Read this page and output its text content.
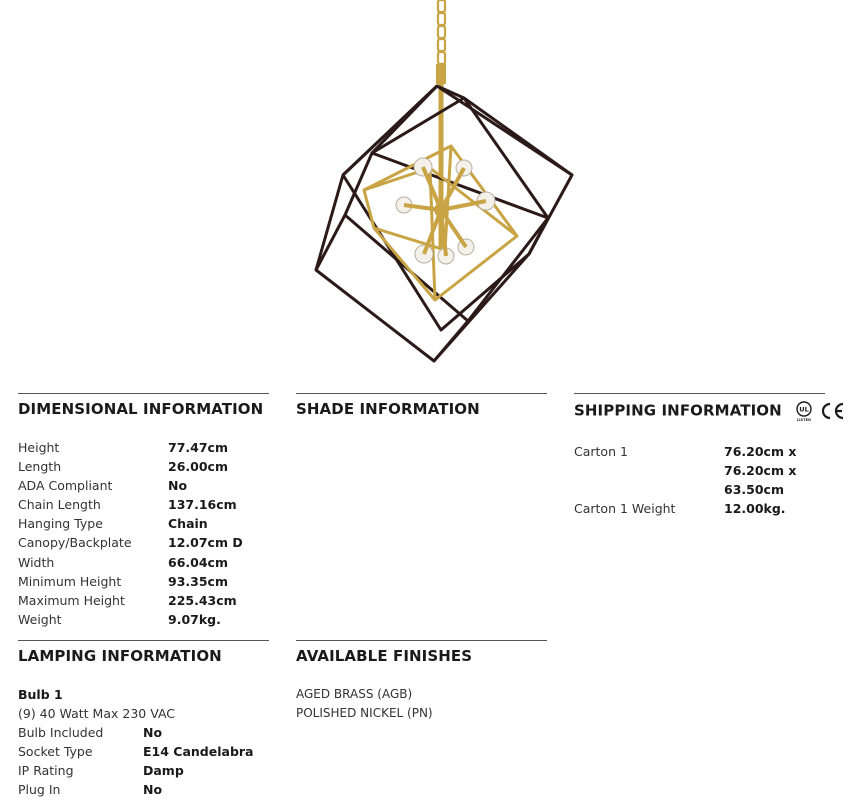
DIMENSIONAL INFORMATION
Height	77.47cm
Length	26.00cm
ADA Compliant	No
Chain Length	137.16cm
Hanging Type	Chain
Canopy/Backplate	12.07cm D
Width	66.04cm
Minimum Height	93.35cm
Maximum Height	225.43cm
Weight	9.07kg.
SHADE INFORMATION	SHIPPING INFORMATION	UL
LISTED
Carton 1	76.20cm x 76.20cm x 63.50cm
Carton 1 Weight	12.00kg.
LAMPING INFORMATION
Bulb 1
(9) 40 Watt Max 230 VAC
Bulb Included	No
Socket Type	E14 Candelabra
IP Rating	Damp
Plug In	No
AVAILABLE FINISHES
AGED BRASS (AGB)
POLISHED NICKEL (PN)
